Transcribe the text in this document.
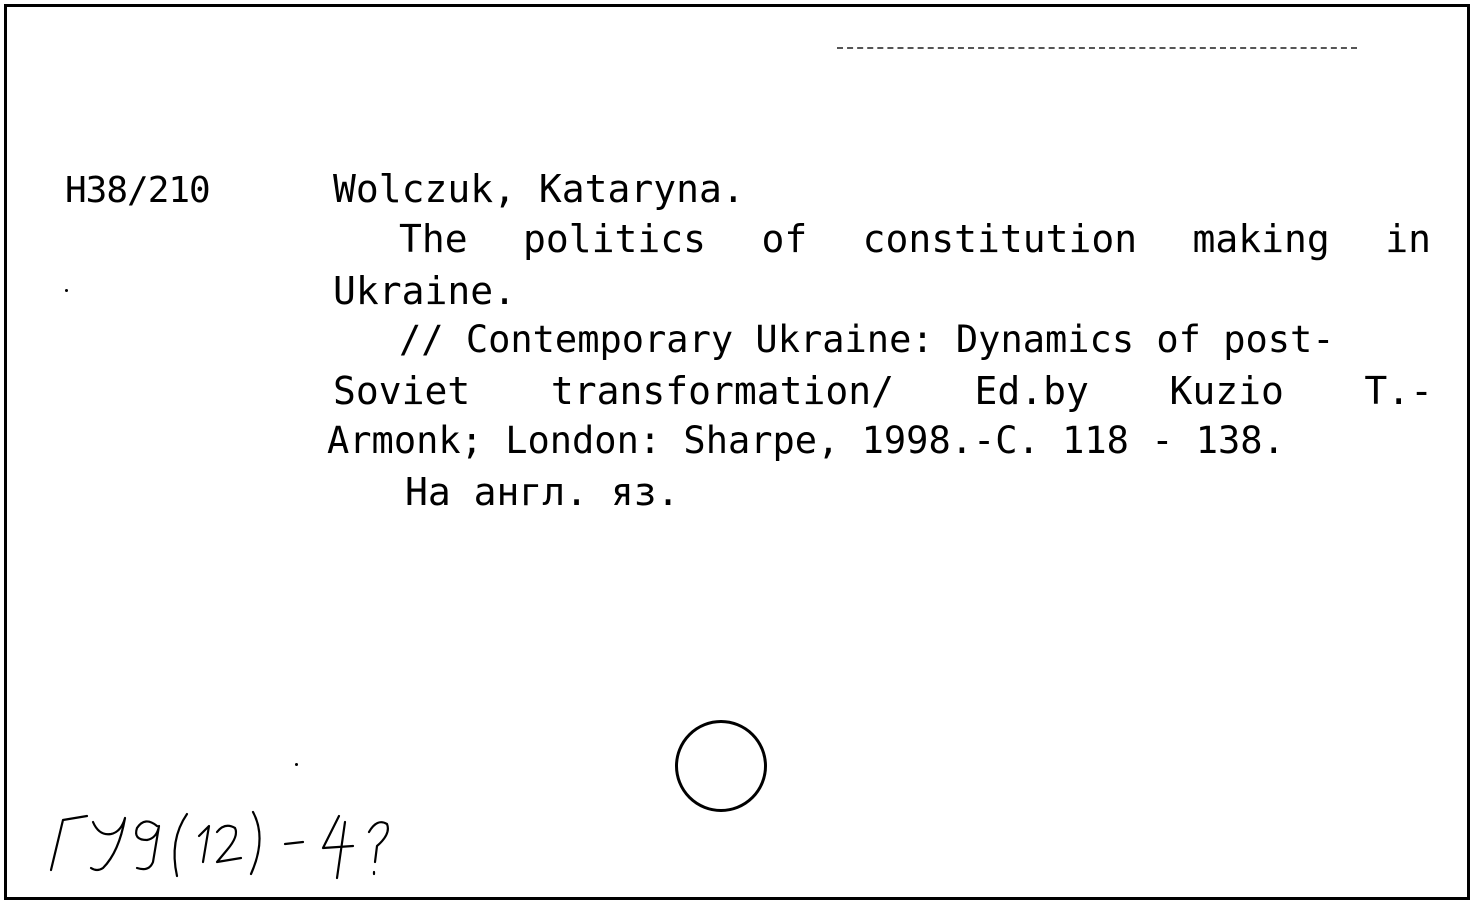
Н38/210	Wolczuk, Kataryna.
The politics of constitution making in
Ukraine.
// Contemporary Ukraine: Dynamics of post-
Soviet transformation/ Ed.by Kuzio T.-
Armonk; London: Sharpe, 1998.-С. 118 - 138.
На англ. яз.
